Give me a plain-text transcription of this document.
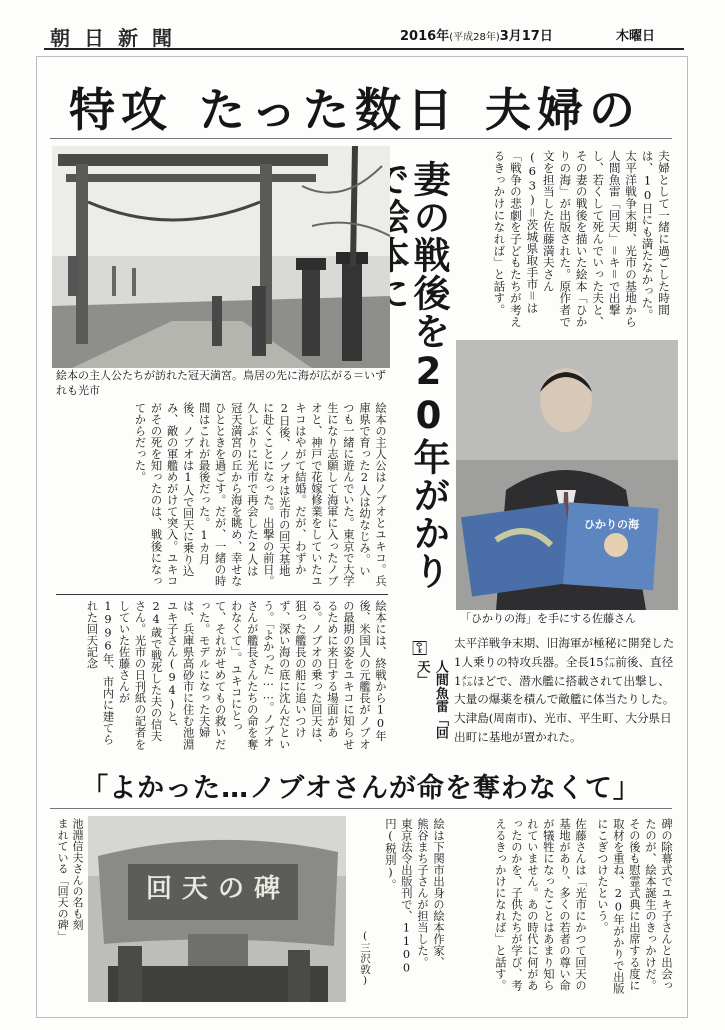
朝日新聞	2016年(平成28年)3月17日	木曜日
特攻 たった数日 夫婦の
夫婦として一緒に過ごした時間は、10日にも満たなかった。太平洋戦争末期、光市の基地から人間魚雷「回天」＝キ＝で出撃し、若くして死んでいった夫と、その妻の戦後を描いた絵本「ひかりの海」が出版された。原作者で文を担当した佐藤満夫さん(63)＝茨城県取手市＝は「戦争の悲劇を子どもたちが考えるきっかけになれば」と話す。
妻の戦後を20年がかり
絵本の主人公たちが訪れた冠天満宮。鳥居の先に海が広がる＝いずれも光市
絵本の主人公はノブオとユキコ。兵庫県で育った2人は幼なじみ。いつも一緒に遊んでいた。東京で大学生になり志願して海軍に入ったノブオと、神戸で花嫁修業をしていたユキコはやがて結婚。だが、わずか2日後、ノブオは光市の回天基地に赴くことになった。出撃の前日。久しぶりに光市で再会した2人は冠天満宮の丘から海を眺め、幸せなひとときを過ごす。だが、一緒の時間はこれが最後だった。1カ月後、ノブオは1人で回天に乗り込み、敵の軍艦めがけて突入。ユキコがその死を知ったのは、戦後になってからだった。
絵本には、終戦から10年後、米国人の元艦長がノブオの最期の姿をユキコに知らせるために来日する場面がある。ノブオの乗った回天は、狙った艦長の船に追いつけず、深い海の底に沈んだという。「よかった……。ノブオさんが艦長さんたちの命を奪わなくて」。ユキコにとって、それがせめてもの救いだった。モデルになった夫婦は、兵庫県高砂市に住む池淵ユキ子さん(94)と、24歳で戦死した夫の信夫さん。光市の日刊紙の記者をしていた佐藤さんが1996年、市内に建てられた回天記念
ひかりの海
「ひかりの海」を手にする佐藤さん
⚿
人間魚雷「回天」
太平洋戦争末期、旧海軍が極秘に開発した1人乗りの特攻兵器。全長15㍍前後、直径1㍍ほどで、潜水艦に搭載されて出撃し、大量の爆薬を積んで敵艦に体当たりした。大津島(周南市)、光市、平生町、大分県日出町に基地が置かれた。
「よかった…ノブオさんが命を奪わなくて」
池淵信夫さんの名も刻まれている「回天の碑」	回天の碑	碑の除幕式でユキ子さんと出会ったのが、絵本誕生のきっかけだ。その後も慰霊式典に出席する度に取材を重ね、20年がかりで出版にこぎつけたという。
佐藤さんは「光市にかつて回天の基地があり、多くの若者の尊い命が犠牲になったことはあまり知られていません。あの時代に何があったのかを、子供たちが学び、考えるきっかけになれば」と話す。
絵は下関市出身の絵本作家、熊谷まち子さんが担当した。東京法令出版刊で、1100円(税別)。
(三沢敦)
